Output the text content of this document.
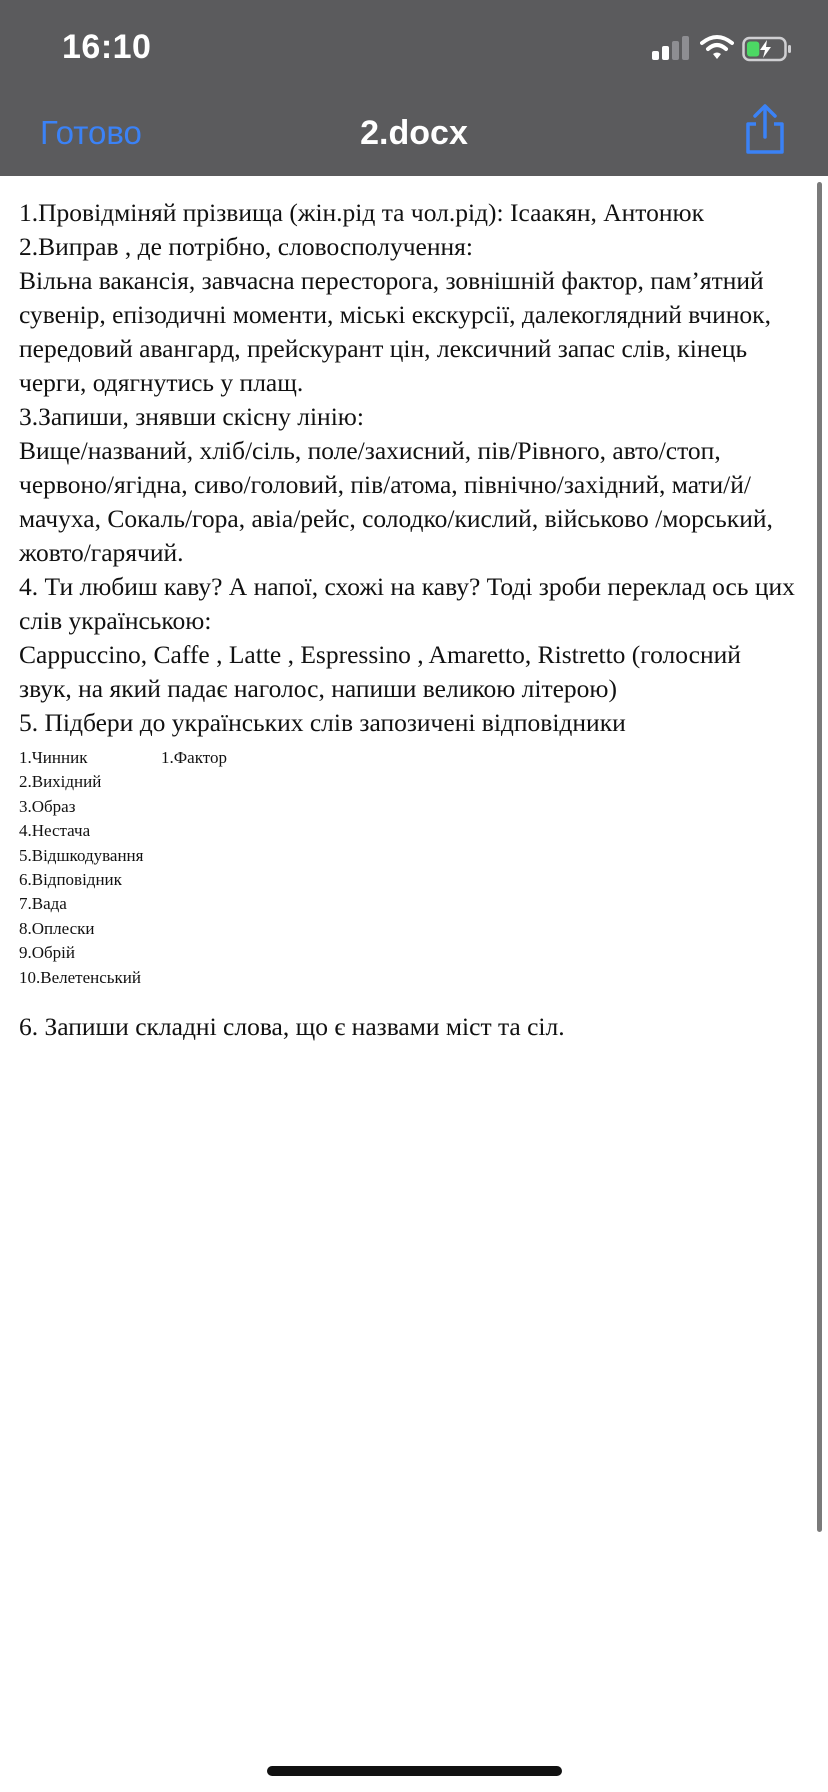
16:10
Готово	2.docx

1.Провідміняй прізвища (жін.рід та чол.рід): Ісаакян, Антонюк

2.Виправ , де потрібно, словосполучення:

Вільна вакансія, завчасна пересторога, зовнішній фактор, пам’ятний сувенір, епізодичні моменти, міські екскурсії, далекоглядний вчинок, передовий авангард, прейскурант цін, лексичний запас слів, кінець черги, одягнутись у плащ.

3.Запиши, знявши скісну лінію:

Вище/названий, хліб/сіль, поле/захисний, пів/Рівного, авто/стоп, червоно/ягідна, сиво/головий, пів/атома, північно/західний, мати/й/мачуха, Сокаль/гора, авіа/рейс, солодко/кислий, військово /морський, жовто/гарячий.

4. Ти любиш каву? А напої, схожі на каву? Тоді зроби переклад ось цих слів українською:

Cappuccino, Caffe , Latte , Espressino , Amaretto, Ristretto (голосний звук, на який падає наголос, напиши великою літерою)

5. Підбери до українських слів запозичені відповідники

1.Чинник	1.Фактор
2.Вихідний
3.Образ
4.Нестача
5.Відшкодування
6.Відповідник
7.Вада
8.Оплески
9.Обрій
10.Велетенський

6. Запиши складні слова, що є назвами міст та сіл.
